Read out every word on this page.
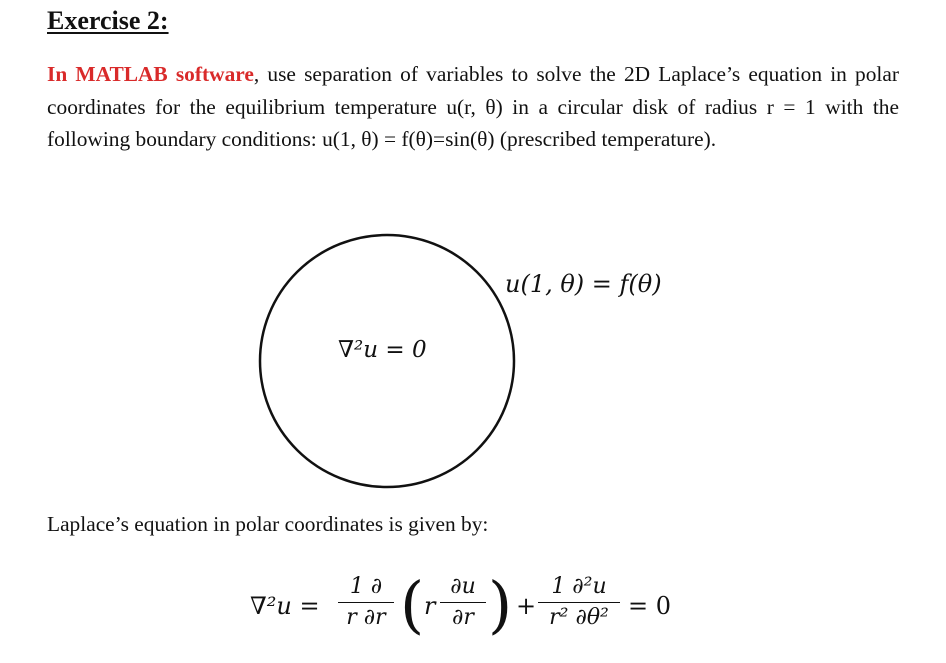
Exercise 2:
In MATLAB software, use separation of variables to solve the 2D Laplace’s equation in polar coordinates for the equilibrium temperature u(r, θ) in a circular disk of radius r = 1 with the following boundary conditions: u(1, θ) = f(θ)=sin(θ) (prescribed temperature).
u(1, θ) = f(θ)
∇²u = 0
Laplace’s equation in polar coordinates is given by:
∇²u =
1 ∂
r ∂r ( r
∂u
∂r ) +
1 ∂²u
r² ∂θ² = 0
